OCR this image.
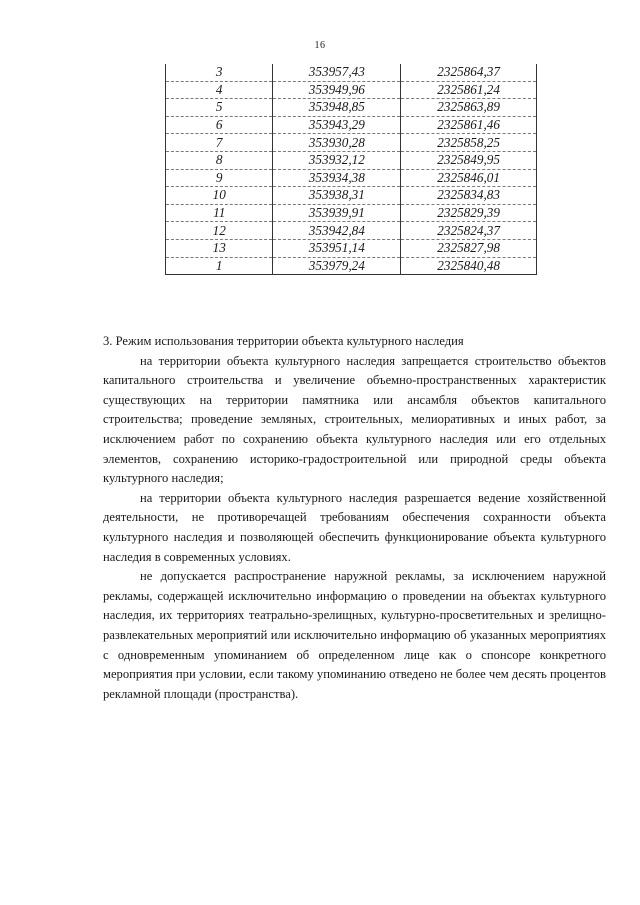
16
3	353957,43	2325864,37
4	353949,96	2325861,24
5	353948,85	2325863,89
6	353943,29	2325861,46
7	353930,28	2325858,25
8	353932,12	2325849,95
9	353934,38	2325846,01
10	353938,31	2325834,83
11	353939,91	2325829,39
12	353942,84	2325824,37
13	353951,14	2325827,98
1	353979,24	2325840,48

3. Режим использования территории объекта культурного наследия

на территории объекта культурного наследия запрещается строительство объектов капитального строительства и увеличение объемно-пространственных характеристик существующих на территории памятника или ансамбля объектов капитального строительства; проведение земляных, строительных, мелиоративных и иных работ, за исключением работ по сохранению объекта культурного наследия или его отдельных элементов, сохранению историко-градостроительной или природной среды объекта культурного наследия;

на территории объекта культурного наследия разрешается ведение хозяйственной деятельности, не противоречащей требованиям обеспечения сохранности объекта культурного наследия и позволяющей обеспечить функционирование объекта культурного наследия в современных условиях.

не допускается распространение наружной рекламы, за исключением наружной рекламы, содержащей исключительно информацию о проведении на объектах культурного наследия, их территориях театрально-зрелищных, культурно-просветительных и зрелищно-развлекательных мероприятий или исключительно информацию об указанных мероприятиях с одновременным упоминанием об определенном лице как о спонсоре конкретного мероприятия при условии, если такому упоминанию отведено не более чем десять процентов рекламной площади (пространства).
